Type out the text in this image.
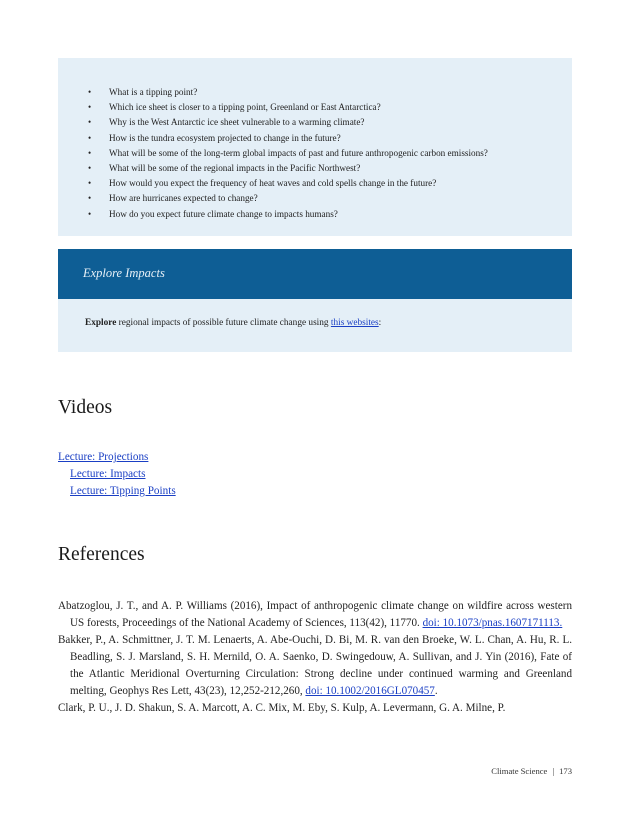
• What is a tipping point?
• Which ice sheet is closer to a tipping point, Greenland or East Antarctica?
• Why is the West Antarctic ice sheet vulnerable to a warming climate?
• How is the tundra ecosystem projected to change in the future?
• What will be some of the long-term global impacts of past and future anthropogenic carbon emissions?
• What will be some of the regional impacts in the Pacific Northwest?
• How would you expect the frequency of heat waves and cold spells change in the future?
• How are hurricanes expected to change?
• How do you expect future climate change to impacts humans?
Explore Impacts

Explore regional impacts of possible future climate change using this websites:

Videos
Lecture: Projections
Lecture: Impacts
Lecture: Tipping Points
References

Abatzoglou, J. T., and A. P. Williams (2016), Impact of anthropogenic climate change on wildfire across western US forests, Proceedings of the National Academy of Sciences, 113(42), 11770. doi: 10.1073/pnas.1607171113.

Bakker, P., A. Schmittner, J. T. M. Lenaerts, A. Abe-Ouchi, D. Bi, M. R. van den Broeke, W. L. Chan, A. Hu, R. L. Beadling, S. J. Marsland, S. H. Mernild, O. A. Saenko, D. Swingedouw, A. Sullivan, and J. Yin (2016), Fate of the Atlantic Meridional Overturning Circulation: Strong decline under continued warming and Greenland melting, Geophys Res Lett, 43(23), 12,252-212,260, doi: 10.1002/2016GL070457.

Clark, P. U., J. D. Shakun, S. A. Marcott, A. C. Mix, M. Eby, S. Kulp, A. Levermann, G. A. Milne, P.

Climate Science | 173
